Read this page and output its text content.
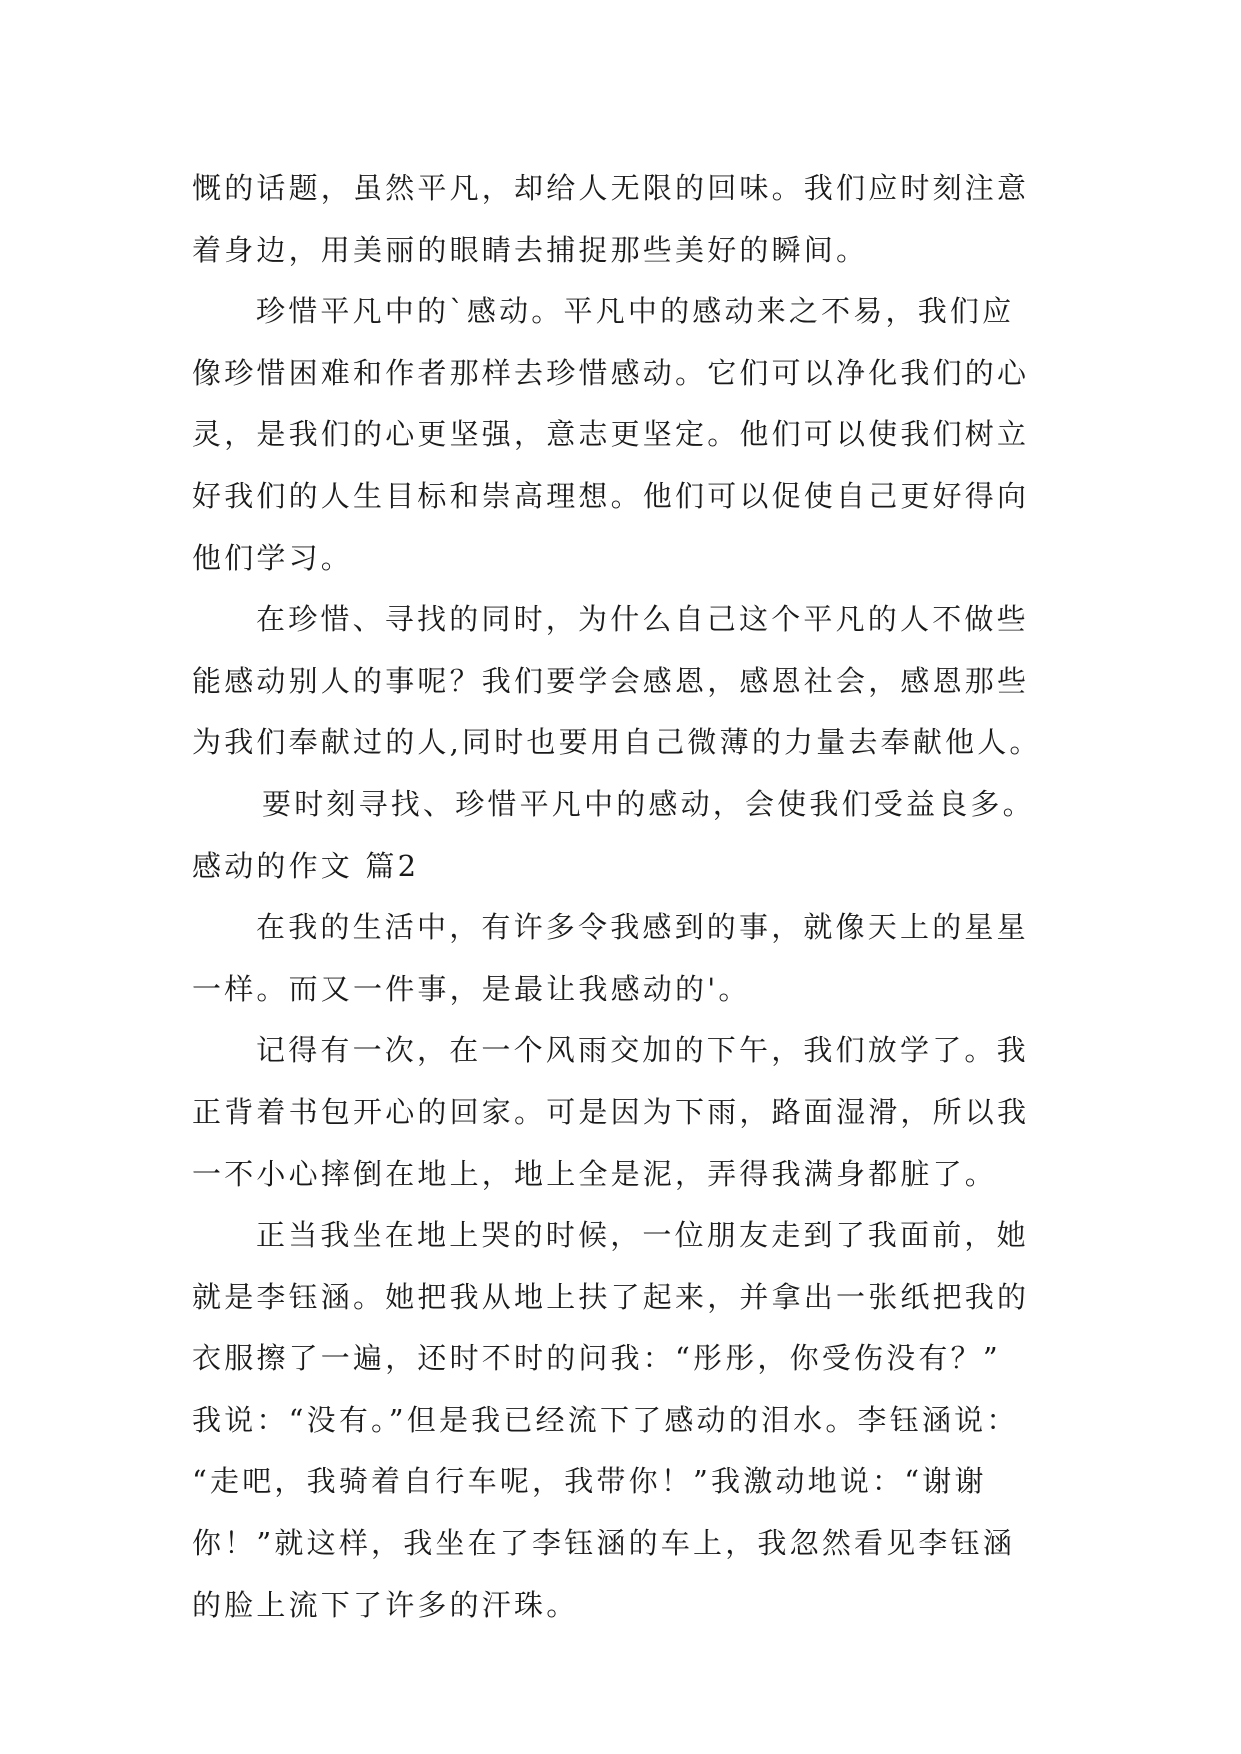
慨的话题，虽然平凡，却给人无限的回味。我们应时刻注意
着身边，用美丽的眼睛去捕捉那些美好的瞬间。
珍惜平凡中的`感动。平凡中的感动来之不易，我们应
像珍惜困难和作者那样去珍惜感动。它们可以净化我们的心
灵，是我们的心更坚强，意志更坚定。他们可以使我们树立
好我们的人生目标和崇高理想。他们可以促使自己更好得向
他们学习。
在珍惜、寻找的同时，为什么自己这个平凡的人不做些
能感动别人的事呢？我们要学会感恩，感恩社会，感恩那些
为我们奉献过的人,同时也要用自己微薄的力量去奉献他人。
要时刻寻找、珍惜平凡中的感动，会使我们受益良多。
感动的作文 篇2
在我的生活中，有许多令我感到的事，就像天上的星星
一样。而又一件事，是最让我感动的'。
记得有一次，在一个风雨交加的下午，我们放学了。我
正背着书包开心的回家。可是因为下雨，路面湿滑，所以我
一不小心摔倒在地上，地上全是泥，弄得我满身都脏了。
正当我坐在地上哭的时候，一位朋友走到了我面前，她
就是李钰涵。她把我从地上扶了起来，并拿出一张纸把我的
衣服擦了一遍，还时不时的问我：“彤彤，你受伤没有？”
我说：“没有。”但是我已经流下了感动的泪水。李钰涵说：
“走吧，我骑着自行车呢，我带你！”我激动地说：“谢谢
你！”就这样，我坐在了李钰涵的车上，我忽然看见李钰涵
的脸上流下了许多的汗珠。
